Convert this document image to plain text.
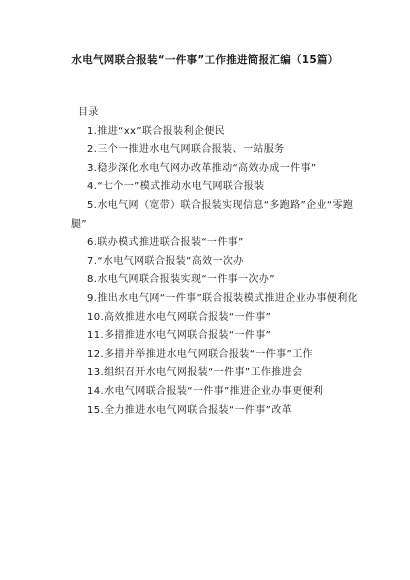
水电气网联合报装“一件事”工作推进简报汇编（15篇）
目录
1.推进“xx”联合报装利企便民
2.三个一推进水电气网联合报装、一站服务
3.稳步深化水电气网办改革推动“高效办成一件事”
4.“七个一”模式推动水电气网联合报装
5.水电气网（宽带）联合报装实现信息“多跑路”企业“零跑腿”
6.联办模式推进联合报装“一件事”
7.“水电气网联合报装”高效一次办
8.水电气网联合报装实现“一件事一次办”
9.推出水电气网“一件事”联合报装模式推进企业办事便利化
10.高效推进水电气网联合报装“一件事”
11.多措推进水电气网联合报装“一件事”
12.多措并举推进水电气网联合报装“一件事”工作
13.组织召开水电气网报装“一件事”工作推进会
14.水电气网联合报装“一件事”推进企业办事更便利
15.全力推进水电气网联合报装“一件事”改革
